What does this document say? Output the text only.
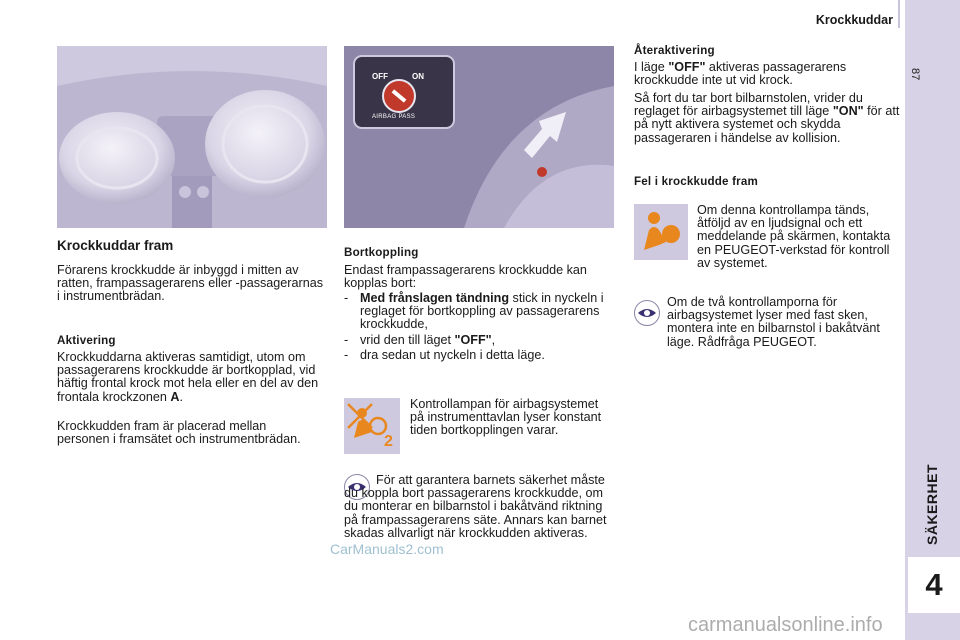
Krockkuddar
87
SÄKERHET
4
OFF	ON
AIRBAG PASS
Krockkuddar fram

Förarens krockkudde är inbyggd i mitten av ratten, frampassagerarens eller -passagerarnas i instrumentbrädan.

Aktivering

Krockkuddarna aktiveras samtidigt, utom om passagerarens krockkudde är bortkopplad, vid häftig frontal krock mot hela eller en del av den frontala krockzonen A.

Krockkudden fram är placerad mellan personen i framsätet och instrumentbrädan.

Bortkoppling

Endast frampassagerarens krockkudde kan kopplas bort:

- Med frånslagen tändning stick in nyckeln i reglaget för bortkoppling av passagerarens krockkudde,
- vrid den till läget "OFF",
- dra sedan ut nyckeln i detta läge.
2

Kontrollampan för airbagsystemet på instrumenttavlan lyser konstant tiden bortkopplingen varar.

För att garantera barnets säkerhet måste du koppla bort passagerarens krockkudde, om du monterar en bilbarnstol i bakåtvänd riktning på frampassagerarens säte. Annars kan barnet skadas allvarligt när krockkudden aktiveras.

Återaktivering

I läge "OFF" aktiveras passagerarens krockkudde inte ut vid krock.

Så fort du tar bort bilbarnstolen, vrider du reglaget för airbagsystemet till läge "ON" för att på nytt aktivera systemet och skydda passageraren i händelse av kollision.

Fel i krockkudde fram

Om denna kontrollampa tänds, åtföljd av en ljudsignal och ett meddelande på skärmen, kontakta en PEUGEOT-verkstad för kontroll av systemet.

Om de två kontrollamporna för airbagsystemet lyser med fast sken, montera inte en bilbarnstol i bakåtvänt läge. Rådfråga PEUGEOT.

CarManuals2.com
carmanualsonline.info
